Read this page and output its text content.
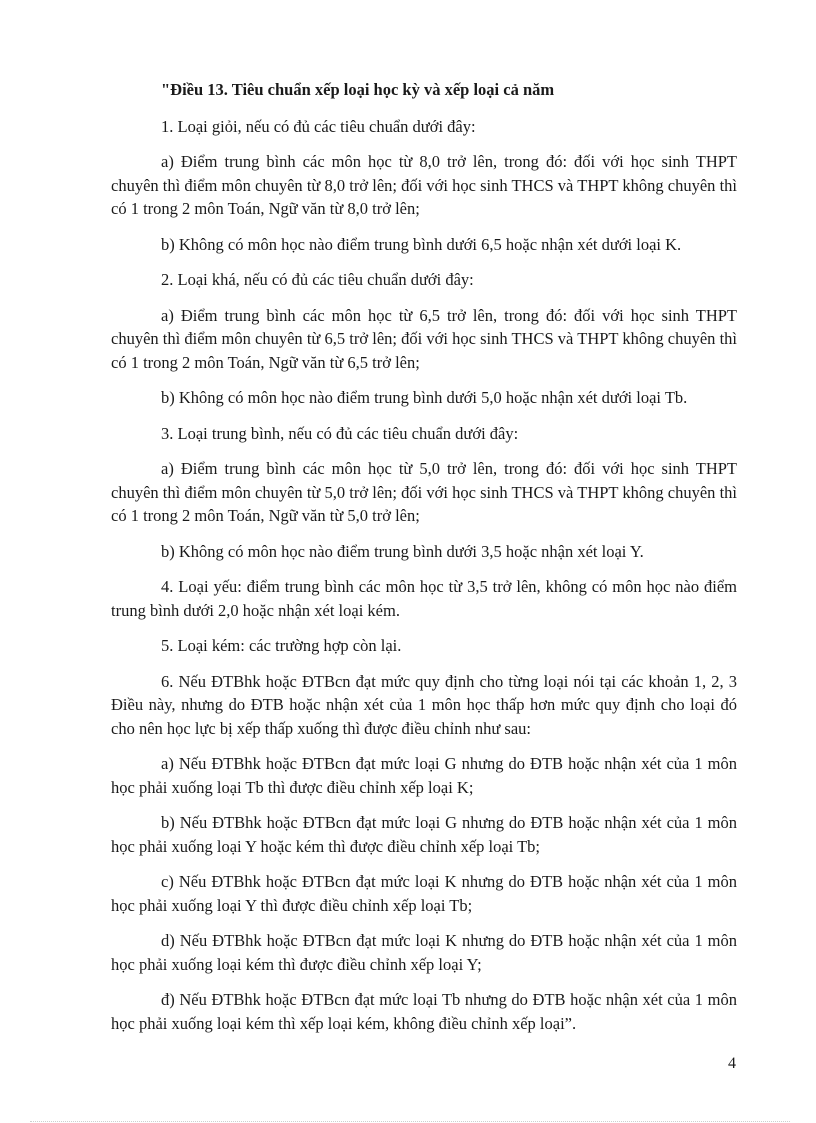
"Điều 13. Tiêu chuẩn xếp loại học kỳ và xếp loại cả năm

1. Loại giỏi, nếu có đủ các tiêu chuẩn dưới đây:

a) Điểm trung bình các môn học từ 8,0 trở lên, trong đó: đối với học sinh THPT chuyên thì điểm môn chuyên từ 8,0 trở lên; đối với học sinh THCS và THPT không chuyên thì có 1 trong 2 môn Toán, Ngữ văn từ 8,0 trở lên;

b) Không có môn học nào điểm trung bình dưới 6,5 hoặc nhận xét dưới loại K.

2. Loại khá, nếu có đủ các tiêu chuẩn dưới đây:

a) Điểm trung bình các môn học từ 6,5 trở lên, trong đó: đối với học sinh THPT chuyên thì điểm môn chuyên từ 6,5 trở lên; đối với học sinh THCS và THPT không chuyên thì có 1 trong 2 môn Toán, Ngữ văn từ 6,5 trở lên;

b) Không có môn học nào điểm trung bình dưới 5,0 hoặc nhận xét dưới loại Tb.

3. Loại trung bình, nếu có đủ các tiêu chuẩn dưới đây:

a) Điểm trung bình các môn học từ 5,0 trở lên, trong đó: đối với học sinh THPT chuyên thì điểm môn chuyên từ 5,0 trở lên; đối với học sinh THCS và THPT không chuyên thì có 1 trong 2 môn Toán, Ngữ văn từ 5,0 trở lên;

b) Không có môn học nào điểm trung bình dưới 3,5 hoặc nhận xét loại Y.

4. Loại yếu: điểm trung bình các môn học từ 3,5 trở lên, không có môn học nào điểm trung bình dưới 2,0 hoặc nhận xét loại kém.

5. Loại kém: các trường hợp còn lại.

6. Nếu ĐTBhk hoặc ĐTBcn đạt mức quy định cho từng loại nói tại các khoản 1, 2, 3 Điều này, nhưng do ĐTB hoặc nhận xét của 1 môn học thấp hơn mức quy định cho loại đó cho nên học lực bị xếp thấp xuống thì được điều chỉnh như sau:

a) Nếu ĐTBhk hoặc ĐTBcn đạt mức loại G nhưng do ĐTB hoặc nhận xét của 1 môn học phải xuống loại Tb thì được điều chỉnh xếp loại K;

b) Nếu ĐTBhk hoặc ĐTBcn đạt mức loại G nhưng do ĐTB hoặc nhận xét của 1 môn học phải xuống loại Y hoặc kém thì được điều chỉnh xếp loại Tb;

c) Nếu ĐTBhk hoặc ĐTBcn đạt mức loại K nhưng do ĐTB hoặc nhận xét của 1 môn học phải xuống loại Y thì được điều chỉnh xếp loại Tb;

d) Nếu ĐTBhk hoặc ĐTBcn đạt mức loại K nhưng do ĐTB hoặc nhận xét của 1 môn học phải xuống loại kém thì được điều chỉnh xếp loại Y;

đ) Nếu ĐTBhk hoặc ĐTBcn đạt mức loại Tb nhưng do ĐTB hoặc nhận xét của 1 môn học phải xuống loại kém thì xếp loại kém, không điều chỉnh xếp loại”.

4
